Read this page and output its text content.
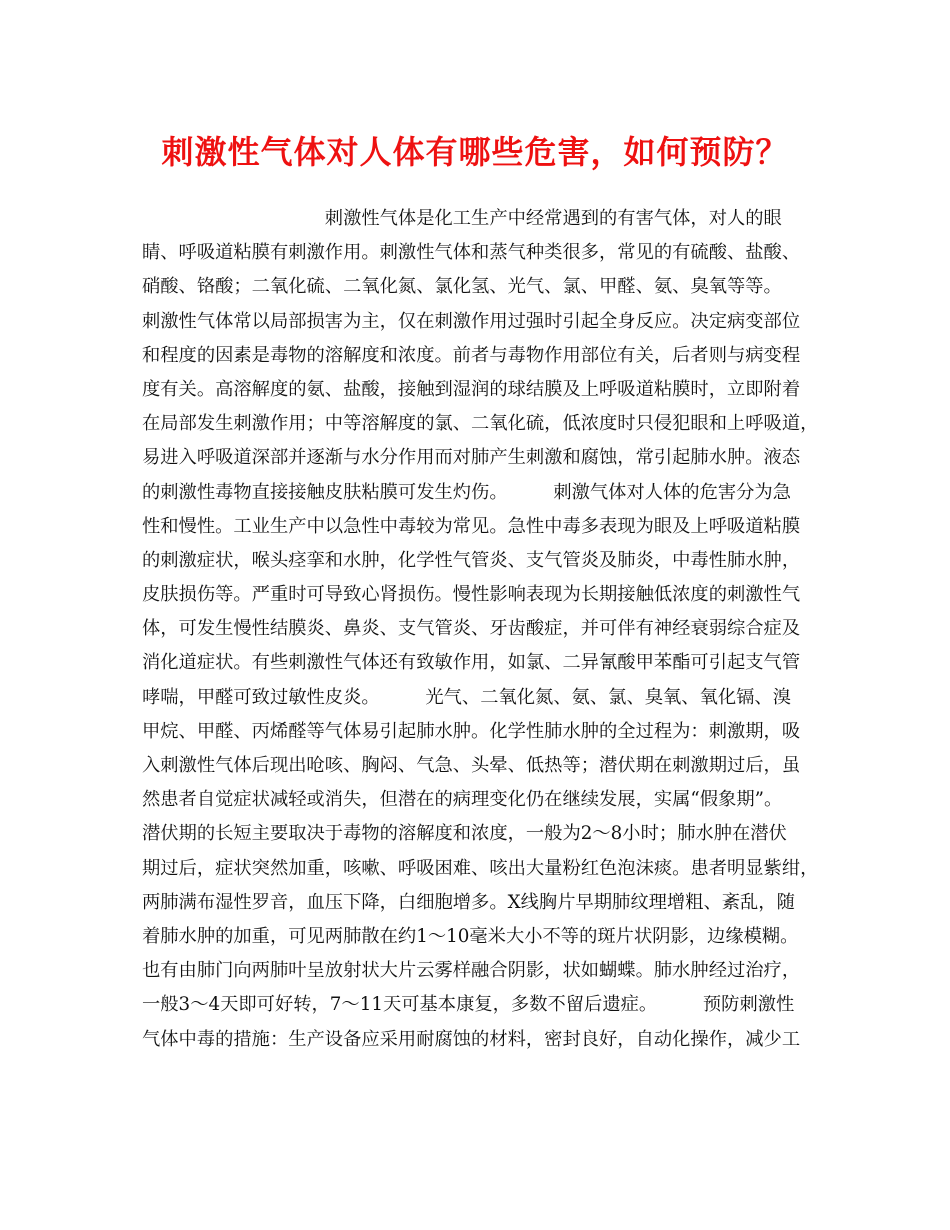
刺激性气体对人体有哪些危害，如何预防？
　　　　　　　　　　刺激性气体是化工生产中经常遇到的有害气体，对人的眼
睛、呼吸道粘膜有刺激作用。刺激性气体和蒸气种类很多，常见的有硫酸、盐酸、
硝酸、铬酸；二氧化硫、二氧化氮、氯化氢、光气、氯、甲醛、氨、臭氧等等。
刺激性气体常以局部损害为主，仅在刺激作用过强时引起全身反应。决定病变部位
和程度的因素是毒物的溶解度和浓度。前者与毒物作用部位有关，后者则与病变程
度有关。高溶解度的氨、盐酸，接触到湿润的球结膜及上呼吸道粘膜时，立即附着
在局部发生刺激作用；中等溶解度的氯、二氧化硫，低浓度时只侵犯眼和上呼吸道，
易进入呼吸道深部并逐渐与水分作用而对肺产生刺激和腐蚀，常引起肺水肿。液态
的刺激性毒物直接接触皮肤粘膜可发生灼伤。　　　刺激气体对人体的危害分为急
性和慢性。工业生产中以急性中毒较为常见。急性中毒多表现为眼及上呼吸道粘膜
的刺激症状，喉头痉挛和水肿，化学性气管炎、支气管炎及肺炎，中毒性肺水肿，
皮肤损伤等。严重时可导致心肾损伤。慢性影响表现为长期接触低浓度的刺激性气
体，可发生慢性结膜炎、鼻炎、支气管炎、牙齿酸症，并可伴有神经衰弱综合症及
消化道症状。有些刺激性气体还有致敏作用，如氯、二异氰酸甲苯酯可引起支气管
哮喘，甲醛可致过敏性皮炎。　　　光气、二氧化氮、氨、氯、臭氧、氧化镉、溴
甲烷、甲醛、丙烯醛等气体易引起肺水肿。化学性肺水肿的全过程为：刺激期，吸
入刺激性气体后现出呛咳、胸闷、气急、头晕、低热等；潜伏期在刺激期过后，虽
然患者自觉症状减轻或消失，但潜在的病理变化仍在继续发展，实属“假象期”。
潜伏期的长短主要取决于毒物的溶解度和浓度，一般为2～8小时；肺水肿在潜伏
期过后，症状突然加重，咳嗽、呼吸困难、咳出大量粉红色泡沫痰。患者明显紫绀，
两肺满布湿性罗音，血压下降，白细胞增多。X线胸片早期肺纹理增粗、紊乱，随
着肺水肿的加重，可见两肺散在约1～10毫米大小不等的斑片状阴影，边缘模糊。
也有由肺门向两肺叶呈放射状大片云雾样融合阴影，状如蝴蝶。肺水肿经过治疗，
一般3～4天即可好转，7～11天可基本康复，多数不留后遗症。　　　预防刺激性
气体中毒的措施：生产设备应采用耐腐蚀的材料，密封良好，自动化操作，减少工
